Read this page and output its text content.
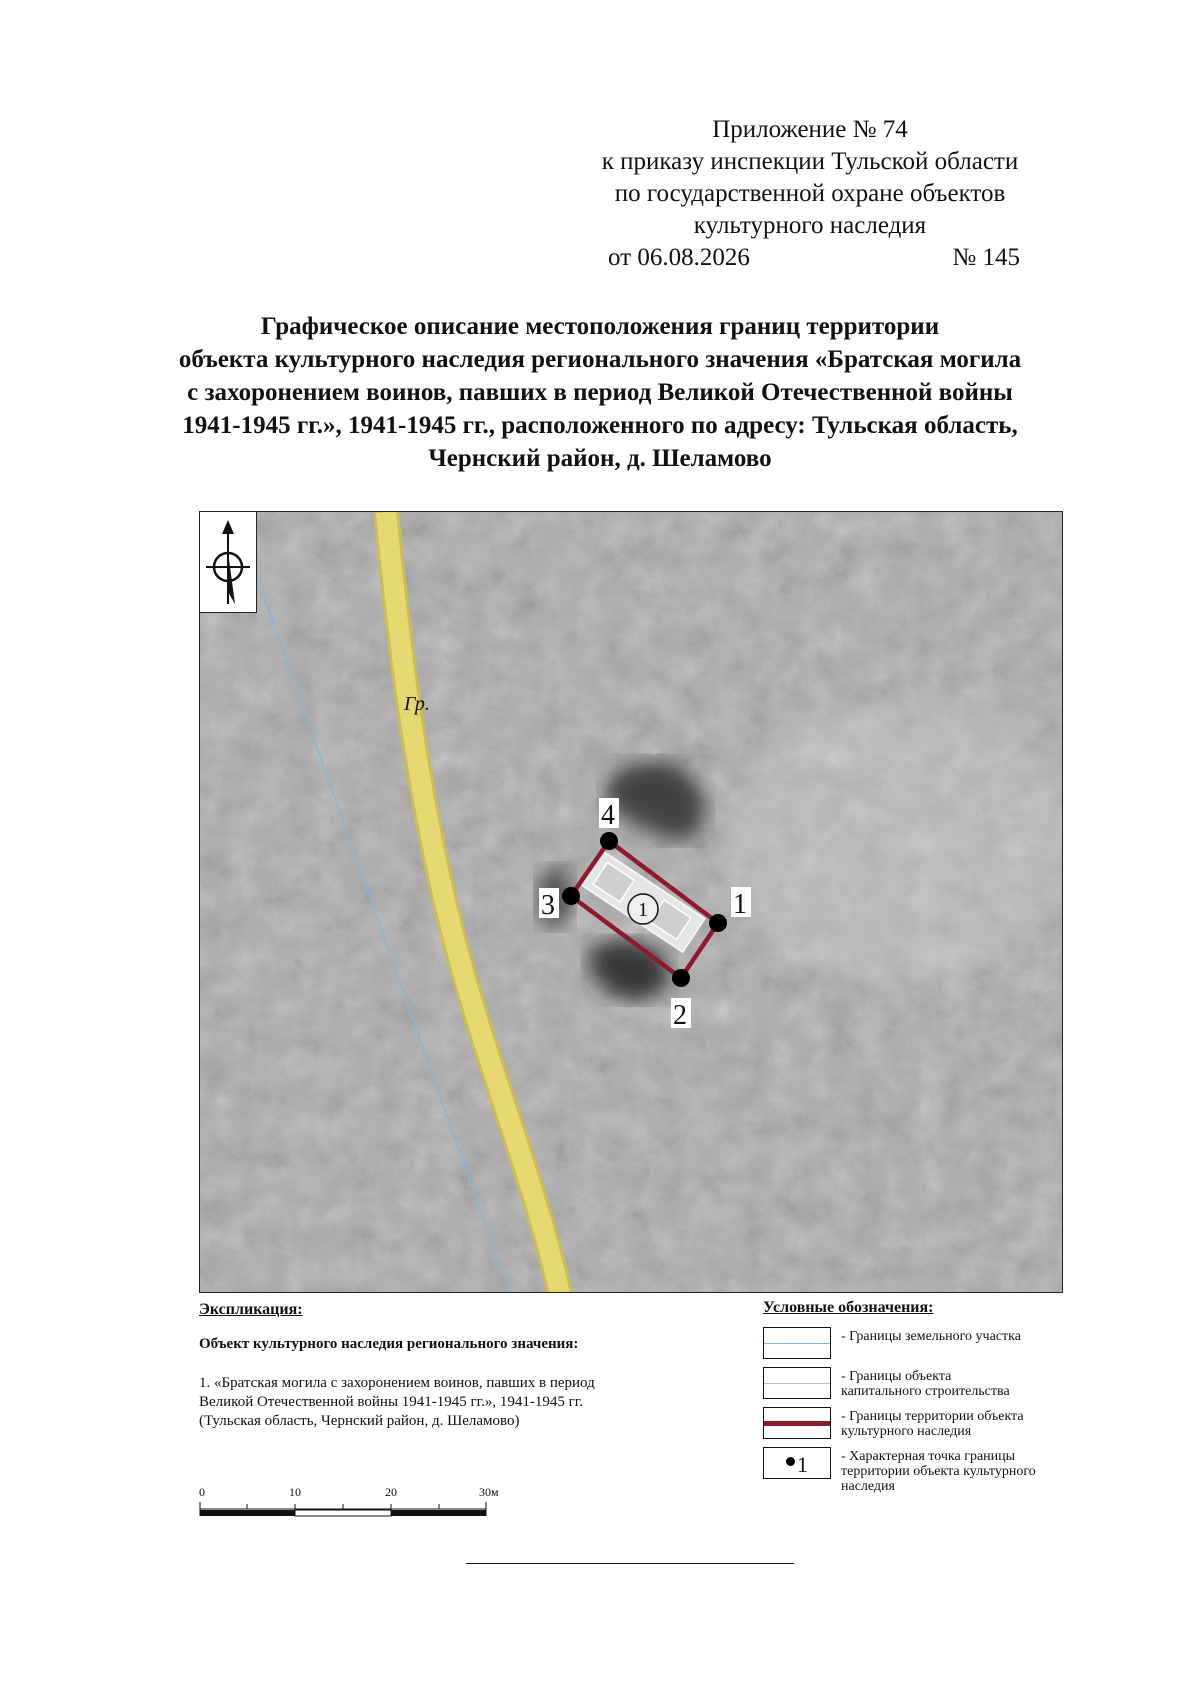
Приложение № 74
к приказу инспекции Тульской области
по государственной охране объектов
культурного наследия
от 06.08.2026	№ 145
Графическое описание местоположения границ территории
объекта культурного наследия регионального значения «Братская могила
с захоронением воинов, павших в период Великой Отечественной войны
1941-1945 гг.», 1941-1945 гг., расположенного по адресу: Тульская область,
Чернский район, д. Шеламово
Гр.
1	1
2
3
4
Экспликация:
Объект культурного наследия регионального значения:
1. «Братская могила с захоронением воинов, павших в период
Великой Отечественной войны 1941-1945 гг.», 1941-1945 гг.
(Тульская область, Чернский район, д. Шеламово)
Условные обозначения:
- Границы земельного участка
- Границы объекта
капитального строительства
- Границы территории объекта
культурного наследия
1 - Характерная точка границы
территории объекта культурного
наследия
0	10	20	30м
